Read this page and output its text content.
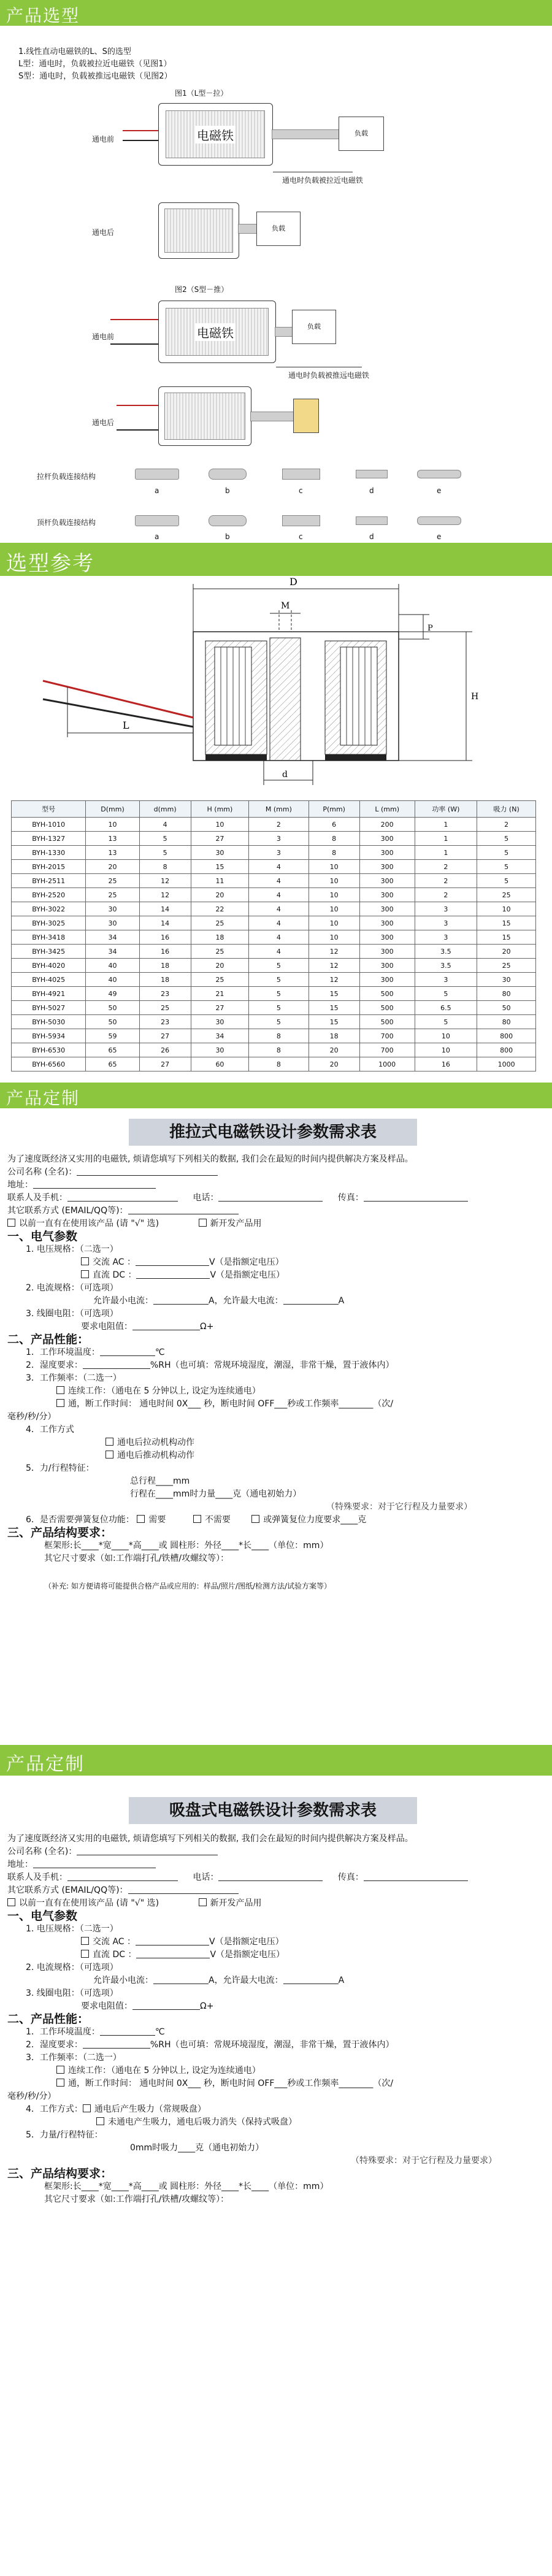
产品选型
1.线性直动电磁铁的L、S的选型
L型：通电时，负载被拉近电磁铁（见图1）
S型：通电时，负载被推远电磁铁（见图2）
图1（L型－拉）
通电前	电磁铁	负载
通电时负载被拉近电磁铁
通电后	负载
图2（S型－推）
通电前	电磁铁	负载
通电时负载被推远电磁铁
通电后
拉杆负载连接结构
a	b	c	d	e
顶杆负载连接结构
a	b	c	d	e
选型参考
D
M
P
H
L
d
型号	D(mm)	d(mm)	H (mm)	M (mm)	P(mm)	L (mm)	功率 (W)	吸力 (N)
BYH-1010	10	4	10	2	6	200	1	2
BYH-1327	13	5	27	3	8	300	1	5
BYH-1330	13	5	30	3	8	300	1	5
BYH-2015	20	8	15	4	10	300	2	5
BYH-2511	25	12	11	4	10	300	2	5
BYH-2520	25	12	20	4	10	300	2	25
BYH-3022	30	14	22	4	10	300	3	10
BYH-3025	30	14	25	4	10	300	3	15
BYH-3418	34	16	18	4	10	300	3	15
BYH-3425	34	16	25	4	12	300	3.5	20
BYH-4020	40	18	20	5	12	300	3.5	25
BYH-4025	40	18	25	5	12	300	3	30
BYH-4921	49	23	21	5	15	500	5	80
BYH-5027	50	25	27	5	15	500	6.5	50
BYH-5030	50	23	30	5	15	500	5	80
BYH-5934	59	27	34	8	18	700	10	800
BYH-6530	65	26	30	8	20	700	10	800
BYH-6560	65	27	60	8	20	1000	16	1000
产品定制
推拉式电磁铁设计参数需求表
为了速度既经济又实用的电磁铁, 烦请您填写下列相关的数据, 我们会在最短的时间内提供解决方案及样品。
公司名称 (全名)：
地址：
联系人及手机：	电话：	传真：
其它联系方式 (EMAIL/QQ等)：
以前一直有在使用该产品 (请 "√" 选)	新开发产品用
一、电气参数
1. 电压规格：（二选一）
交流 AC ：	V（是指额定电压）
直流 DC ：	V（是指额定电压）
2. 电流规格：（可选项）
允许最小电流：	A，允许最大电流：	A
3. 线圈电阻：（可选项）
要求电阻值：	Ω+
二、产品性能：
1．工作环境温度：	℃
2．湿度要求：	%RH（也可填：常规环境湿度，潮湿，非常干燥，置于液体内）
3．工作频率：（二选一）
连续工作：（通电在 5 分钟以上, 设定为连续通电）
通，断工作时间： 通电时间 0X___ 秒，断电时间 OFF___秒或工作频率________（次/
毫秒/秒/分）
4．工作方式
通电后拉动机构动作
通电后推动机构动作
5．力/行程特征：
总行程____mm
行程在____mm时力量____克（通电初始力）
（特殊要求：对于它行程及力量要求）
6．是否需要弹簧复位功能： 需要	不需要	或弹簧复位力度要求____克
三、产品结构要求：
框架形:长____*宽____*高____或 圆柱形：外径____*长____（单位：mm）
其它尺寸要求（如:工作端打孔/铁槽/攻螺纹等）：
（补充: 如方便请将可能提供合格产品或应用的：样品/照片/图纸/检测方法/试验方案等）
产品定制
吸盘式电磁铁设计参数需求表
为了速度既经济又实用的电磁铁, 烦请您填写下列相关的数据, 我们会在最短的时间内提供解决方案及样品。
公司名称 (全名)：
地址：
联系人及手机：	电话：	传真：
其它联系方式 (EMAIL/QQ等)：
以前一直有在使用该产品 (请 "√" 选)	新开发产品用
一、电气参数
1. 电压规格：（二选一）
交流 AC ：	V（是指额定电压）
直流 DC ：	V（是指额定电压）
2. 电流规格：（可选项）
允许最小电流：	A，允许最大电流：	A
3. 线圈电阻：（可选项）
要求电阻值：	Ω+
二、产品性能：
1．工作环境温度：	℃
2．湿度要求：	%RH（也可填：常规环境湿度，潮湿，非常干燥，置于液体内）
3．工作频率：（二选一）
连续工作：（通电在 5 分钟以上, 设定为连续通电）
通，断工作时间： 通电时间 0X___ 秒，断电时间 OFF___秒或工作频率________（次/
毫秒/秒/分）
4．工作方式： 通电后产生吸力（常规吸盘）
未通电产生吸力，通电后吸力消失（保持式吸盘）
5．力量/行程特征：
0mm时吸力____克（通电初始力）
（特殊要求：对于它行程及力量要求）
三、产品结构要求：
框架形:长____*宽____*高____或 圆柱形：外径____*长____（单位：mm）
其它尺寸要求（如:工作端打孔/铁槽/攻螺纹等）：
